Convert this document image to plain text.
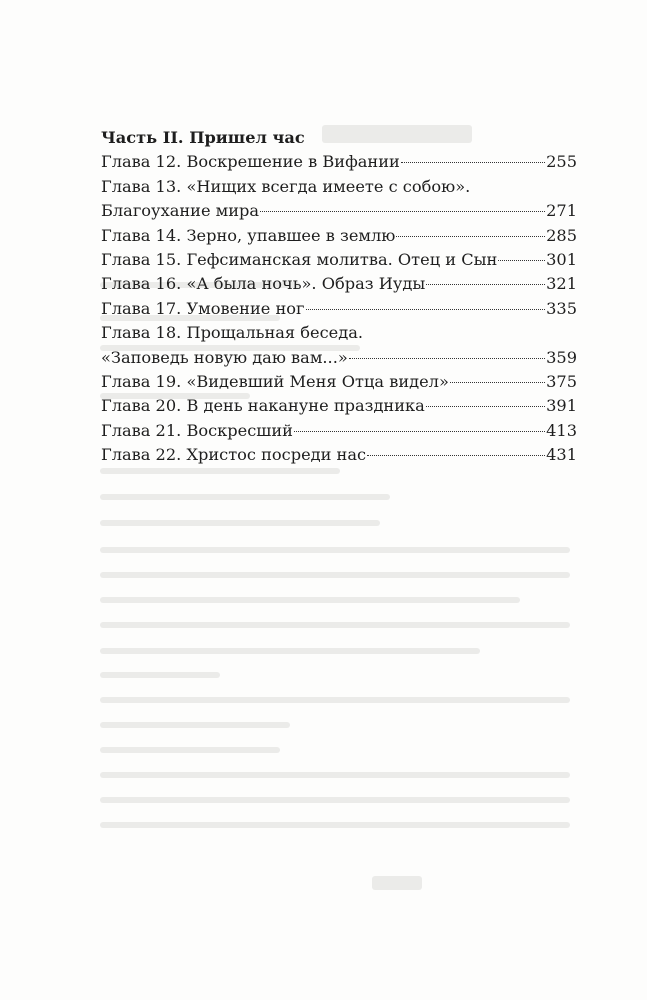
Часть II. Пришел час
Глава 12. Воскрешение в Вифании	255
Глава 13. «Нищих всегда имеете с собою».
Благоухание мира	271
Глава 14. Зерно, упавшее в землю	285
Глава 15. Гефсиманская молитва. Отец и Сын	301
Глава 16. «А была ночь». Образ Иуды	321
Глава 17. Умовение ног	335
Глава 18. Прощальная беседа.
«Заповедь новую даю вам...»	359
Глава 19. «Видевший Меня Отца видел»	375
Глава 20. В день накануне праздника	391
Глава 21. Воскресший	413
Глава 22. Христос посреди нас	431
